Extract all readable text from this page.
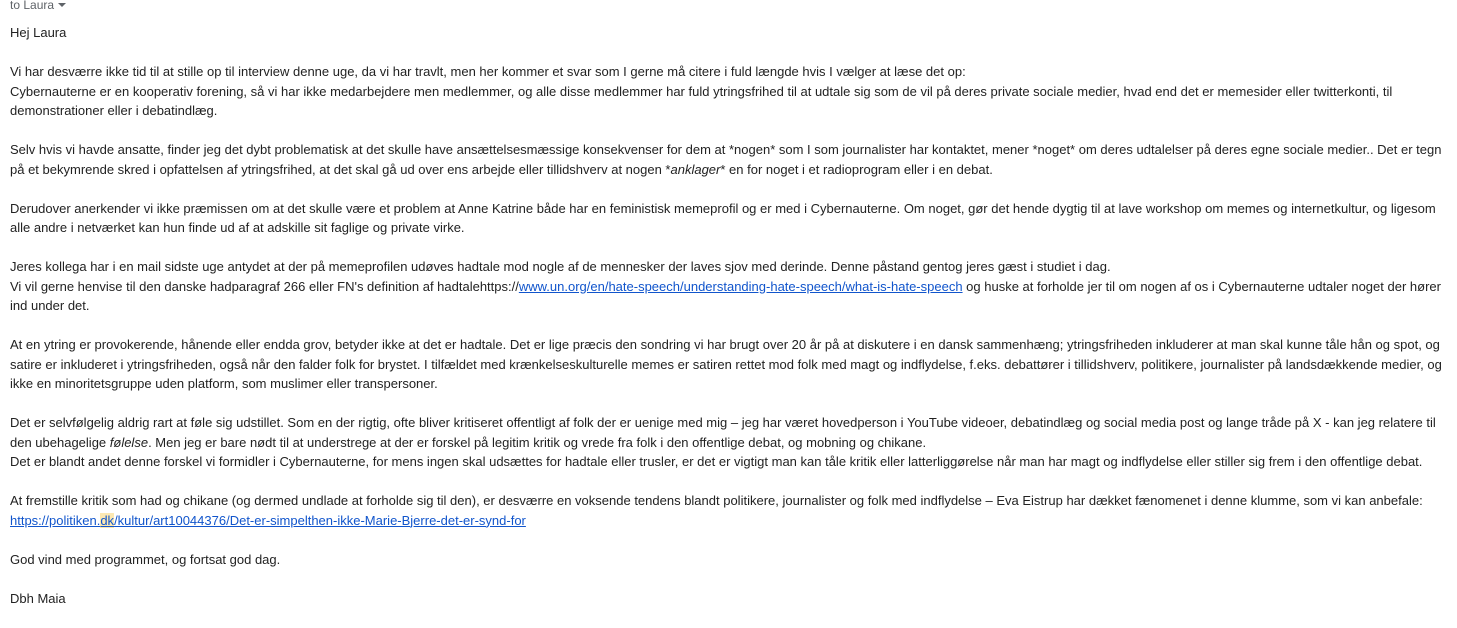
to Laura

Hej Laura

Vi har desværre ikke tid til at stille op til interview denne uge, da vi har travlt, men her kommer et svar som I gerne må citere i fuld længde hvis I vælger at læse det op:
Cybernauterne er en kooperativ forening, så vi har ikke medarbejdere men medlemmer, og alle disse medlemmer har fuld ytringsfrihed til at udtale sig som de vil på deres private sociale medier, hvad end det er memesider eller twitterkonti, til demonstrationer eller i debatindlæg.

Selv hvis vi havde ansatte, finder jeg det dybt problematisk at det skulle have ansættelsesmæssige konsekvenser for dem at *nogen* som I som journalister har kontaktet, mener *noget* om deres udtalelser på deres egne sociale medier.. Det er tegn på et bekymrende skred i opfattelsen af ytringsfrihed, at det skal gå ud over ens arbejde eller tillidshverv at nogen *anklager* en for noget i et radioprogram eller i en debat.

Derudover anerkender vi ikke præmissen om at det skulle være et problem at Anne Katrine både har en feministisk memeprofil og er med i Cybernauterne. Om noget, gør det hende dygtig til at lave workshop om memes og internetkultur, og ligesom alle andre i netværket kan hun finde ud af at adskille sit faglige og private virke.

Jeres kollega har i en mail sidste uge antydet at der på memeprofilen udøves hadtale mod nogle af de mennesker der laves sjov med derinde. Denne påstand gentog jeres gæst i studiet i dag.
Vi vil gerne henvise til den danske hadparagraf 266 eller FN's definition af hadtalehttps://www.un.org/en/hate-speech/understanding-hate-speech/what-is-hate-speech og huske at forholde jer til om nogen af os i Cybernauterne udtaler noget der hører ind under det.

At en ytring er provokerende, hånende eller endda grov, betyder ikke at det er hadtale. Det er lige præcis den sondring vi har brugt over 20 år på at diskutere i en dansk sammenhæng; ytringsfriheden inkluderer at man skal kunne tåle hån og spot, og satire er inkluderet i ytringsfriheden, også når den falder folk for brystet. I tilfældet med krænkelseskulturelle memes er satiren rettet mod folk med magt og indflydelse, f.eks. debattører i tillidshverv, politikere, journalister på landsdækkende medier, og ikke en minoritetsgruppe uden platform, som muslimer eller transpersoner.

Det er selvfølgelig aldrig rart at føle sig udstillet. Som en der rigtig, ofte bliver kritiseret offentligt af folk der er uenige med mig – jeg har været hovedperson i YouTube videoer, debatindlæg og social media post og lange tråde på X - kan jeg relatere til den ubehagelige følelse. Men jeg er bare nødt til at understrege at der er forskel på legitim kritik og vrede fra folk i den offentlige debat, og mobning og chikane.
Det er blandt andet denne forskel vi formidler i Cybernauterne, for mens ingen skal udsættes for hadtale eller trusler, er det er vigtigt man kan tåle kritik eller latterliggørelse når man har magt og indflydelse eller stiller sig frem i den offentlige debat.

At fremstille kritik som had og chikane (og dermed undlade at forholde sig til den), er desværre en voksende tendens blandt politikere, journalister og folk med indflydelse – Eva Eistrup har dækket fænomenet i denne klumme, som vi kan anbefale:
https://politiken.dk/kultur/art10044376/Det-er-simpelthen-ikke-Marie-Bjerre-det-er-synd-for

God vind med programmet, og fortsat god dag.

Dbh Maia
